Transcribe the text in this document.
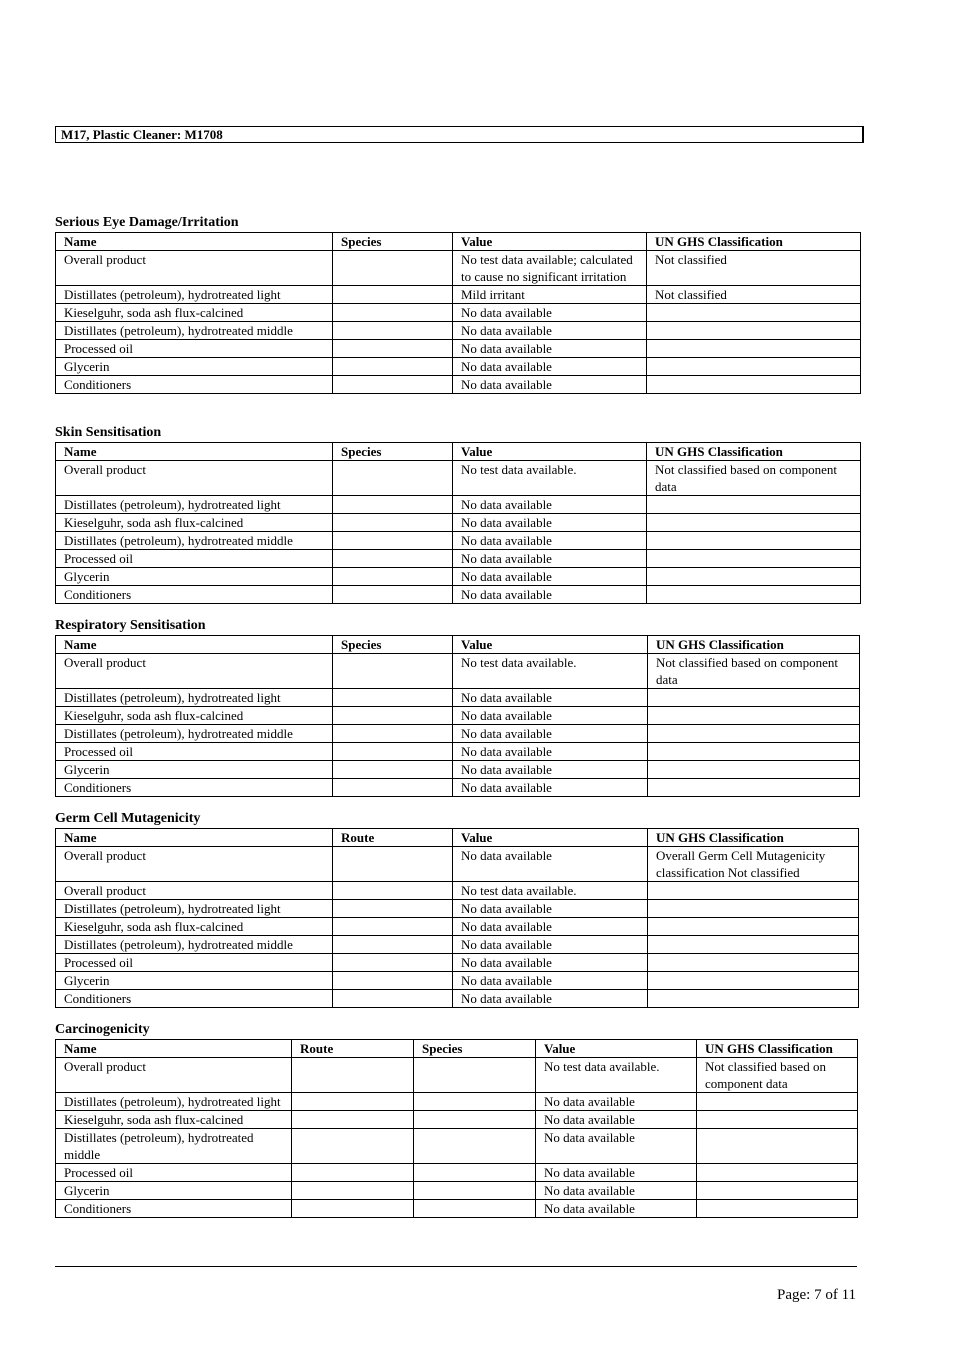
M17, Plastic Cleaner: M1708
Serious Eye Damage/Irritation
Name	Species	Value	UN GHS Classification
Overall product		No test data available; calculated to cause no significant irritation	Not classified
Distillates (petroleum), hydrotreated light		Mild irritant	Not classified
Kieselguhr, soda ash flux-calcined		No data available	
Distillates (petroleum), hydrotreated middle		No data available	
Processed oil		No data available	
Glycerin		No data available	
Conditioners		No data available	
Skin Sensitisation
Name	Species	Value	UN GHS Classification
Overall product		No test data available.	Not classified based on component data
Distillates (petroleum), hydrotreated light		No data available	
Kieselguhr, soda ash flux-calcined		No data available	
Distillates (petroleum), hydrotreated middle		No data available	
Processed oil		No data available	
Glycerin		No data available	
Conditioners		No data available	
Respiratory Sensitisation
Name	Species	Value	UN GHS Classification
Overall product		No test data available.	Not classified based on component data
Distillates (petroleum), hydrotreated light		No data available	
Kieselguhr, soda ash flux-calcined		No data available	
Distillates (petroleum), hydrotreated middle		No data available	
Processed oil		No data available	
Glycerin		No data available	
Conditioners		No data available	
Germ Cell Mutagenicity
Name	Route	Value	UN GHS Classification
Overall product		No data available	Overall Germ Cell Mutagenicity classification Not classified
Overall product		No test data available.	
Distillates (petroleum), hydrotreated light		No data available	
Kieselguhr, soda ash flux-calcined		No data available	
Distillates (petroleum), hydrotreated middle		No data available	
Processed oil		No data available	
Glycerin		No data available	
Conditioners		No data available	
Carcinogenicity
Name	Route	Species	Value	UN GHS Classification
Overall product			No test data available.	Not classified based on component data
Distillates (petroleum), hydrotreated light			No data available	
Kieselguhr, soda ash flux-calcined			No data available	
Distillates (petroleum), hydrotreated middle			No data available	
Processed oil			No data available	
Glycerin			No data available	
Conditioners			No data available	
Page: 7 of 11
